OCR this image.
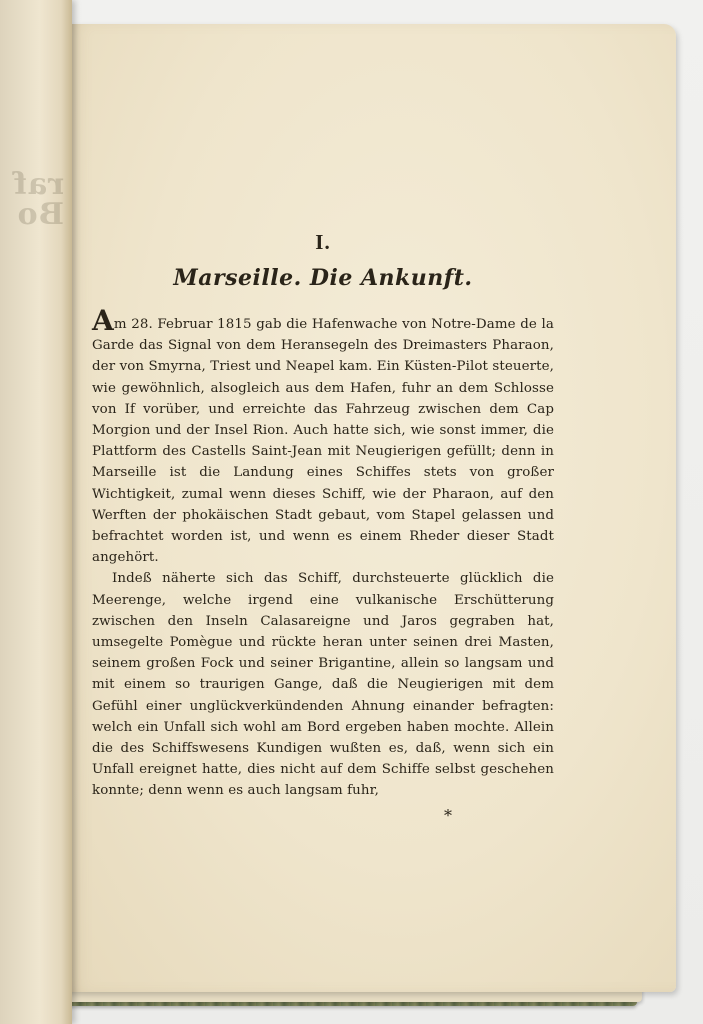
raf
Bo
I.
Marseille. Die Ankunft.

Am 28. Februar 1815 gab die Hafenwache von Notre-Dame de la Garde das Signal von dem Heransegeln des Dreimasters Pharaon, der von Smyrna, Triest und Neapel kam. Ein Küsten-Pilot steuerte, wie gewöhnlich, alsogleich aus dem Hafen, fuhr an dem Schlosse von If vorüber, und erreichte das Fahrzeug zwischen dem Cap Morgion und der Insel Rion. Auch hatte sich, wie sonst immer, die Plattform des Castells Saint-Jean mit Neugierigen gefüllt; denn in Marseille ist die Landung eines Schiffes stets von großer Wichtigkeit, zumal wenn dieses Schiff, wie der Pharaon, auf den Werften der phokäischen Stadt gebaut, vom Stapel gelassen und befrachtet worden ist, und wenn es einem Rheder dieser Stadt angehört.

Indeß näherte sich das Schiff, durchsteuerte glücklich die Meerenge, welche irgend eine vulkanische Erschütterung zwischen den Inseln Calasareigne und Jaros gegraben hat, umsegelte Pomègue und rückte heran unter seinen drei Masten, seinem großen Fock und seiner Brigantine, allein so langsam und mit einem so traurigen Gange, daß die Neugierigen mit dem Gefühl einer unglückverkündenden Ahnung einander befragten: welch ein Unfall sich wohl am Bord ergeben haben mochte. Allein die des Schiffswesens Kundigen wußten es, daß, wenn sich ein Unfall ereignet hatte, dies nicht auf dem Schiffe selbst geschehen konnte; denn wenn es auch langsam fuhr,

*
